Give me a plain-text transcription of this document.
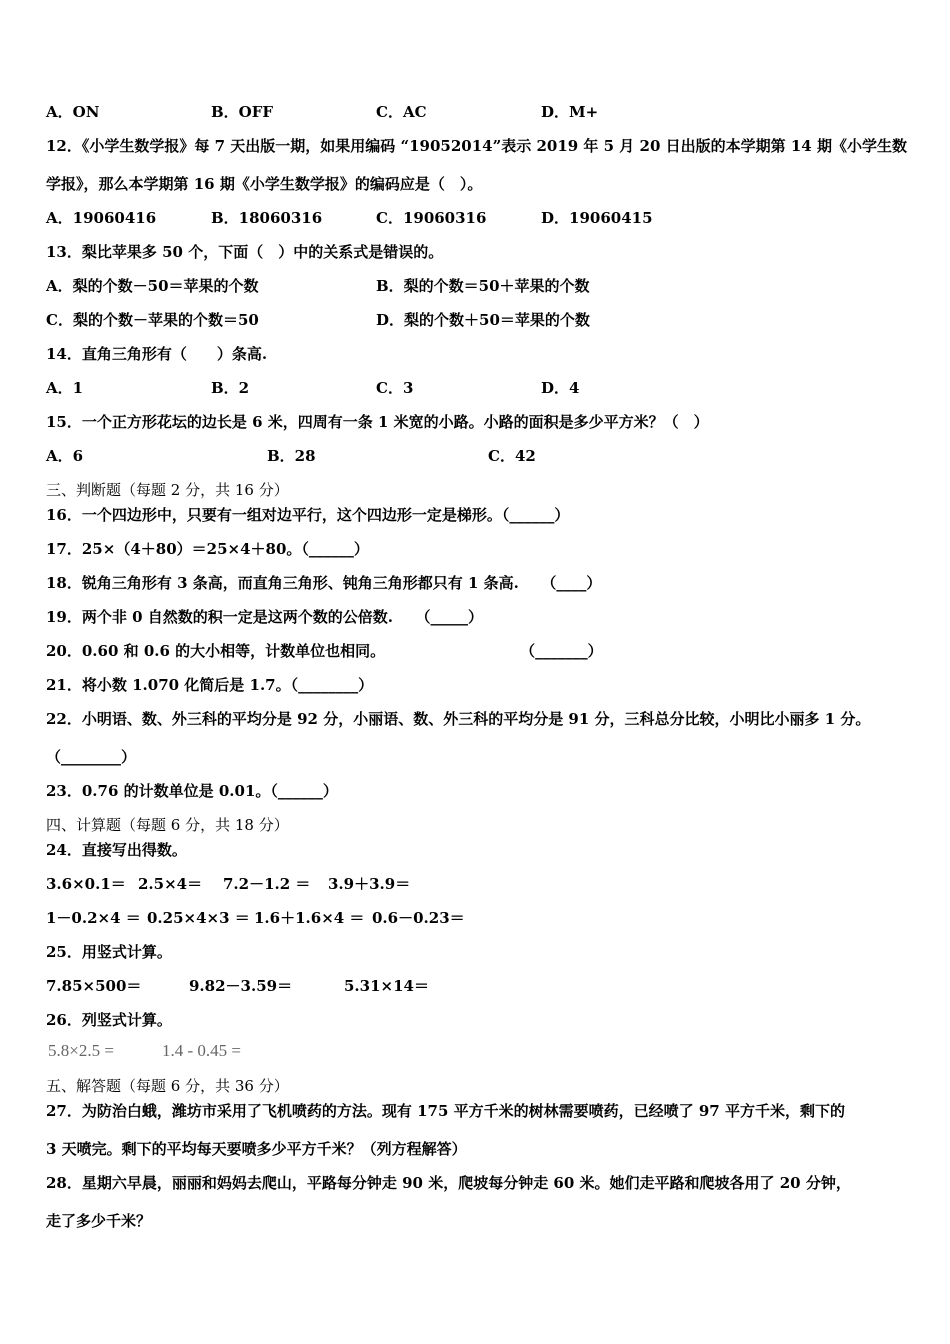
A．ON	B．OFF	C．AC	D．M+
12．《小学生数学报》每 7 天出版一期，如果用编码 “19052014”表示 2019 年 5 月 20 日出版的本学期第 14 期《小学生数
学报》，那么本学期第 16 期《小学生数学报》的编码应是（　）。
A．19060416	B．18060316	C．19060316	D．19060415
13．梨比苹果多 50 个，下面（　）中的关系式是错误的。
A．梨的个数－50＝苹果的个数	B．梨的个数＝50＋苹果的个数
C．梨的个数－苹果的个数＝50	D．梨的个数＋50＝苹果的个数
14．直角三角形有（　　）条高.
A．1	B．2	C．3	D．4
15．一个正方形花坛的边长是 6 米，四周有一条 1 米宽的小路。小路的面积是多少平方米？（　）
A．6	B．28	C．42
三、判断题（每题 2 分，共 16 分）
16．一个四边形中，只要有一组对边平行，这个四边形一定是梯形。（______）
17．25×（4＋80）＝25×4＋80。（______）
18．锐角三角形有 3 条高，而直角三角形、钝角三角形都只有 1 条高.　　（____）
19．两个非 0 自然数的积一定是这两个数的公倍数.　　（_____）
20．0.60 和 0.6 的大小相等，计数单位也相同。　　　　　　　　　　（_______）
21．将小数 1.070 化简后是 1.7。（________）
22．小明语、数、外三科的平均分是 92 分，小丽语、数、外三科的平均分是 91 分，三科总分比较，小明比小丽多 1 分。
（________）
23．0.76 的计数单位是 0.01。（______）
四、计算题（每题 6 分，共 18 分）
24．直接写出得数。
3.6×0.1＝ 2.5×4＝	7.2－1.2 ＝	3.9＋3.9＝
1－0.2×4 ＝ 0.25×4×3 ＝ 1.6＋1.6×4 ＝ 0.6－0.23＝
25．用竖式计算。
7.85×500＝	9.82－3.59＝	5.31×14＝
26．列竖式计算。
5.8×2.5 =	1.4 - 0.45 =
五、解答题（每题 6 分，共 36 分）
27．为防治白蛾，潍坊市采用了飞机喷药的方法。现有 175 平方千米的树林需要喷药，已经喷了 97 平方千米，剩下的
3 天喷完。剩下的平均每天要喷多少平方千米？（列方程解答）
28．星期六早晨，丽丽和妈妈去爬山，平路每分钟走 90 米，爬坡每分钟走 60 米。她们走平路和爬坡各用了 20 分钟，
走了多少千米？
